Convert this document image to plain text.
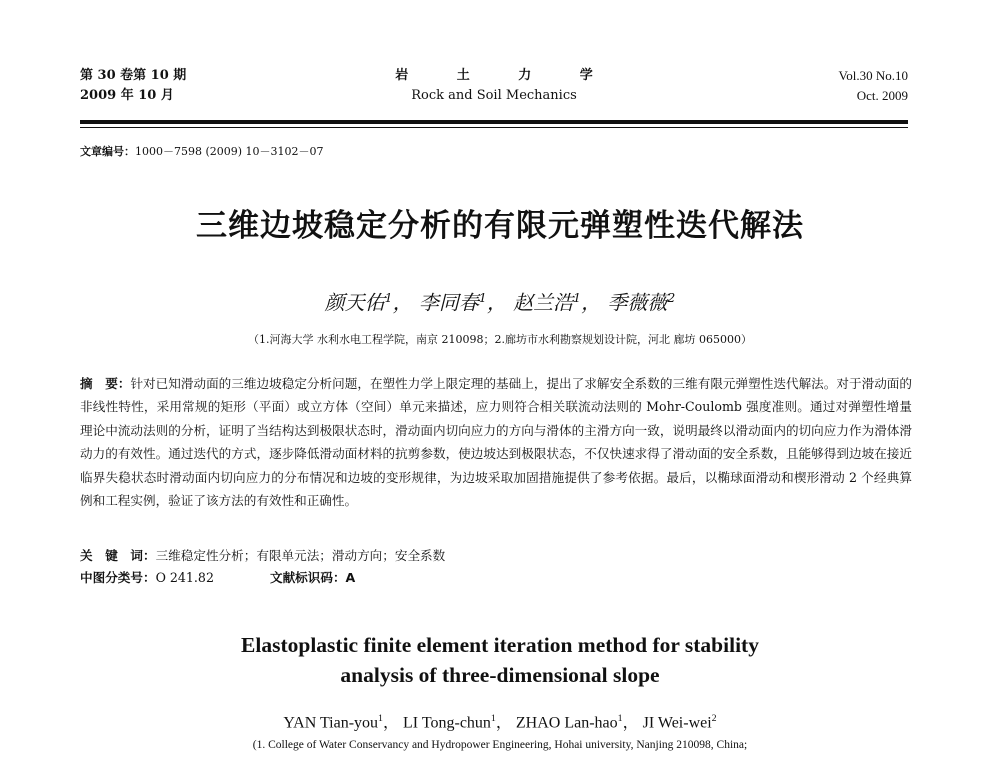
第 30 卷第 10 期
2009 年 10 月
岩 土 力 学
Rock and Soil Mechanics
Vol.30 No.10
Oct. 2009
文章编号：1000－7598 (2009) 10－3102－07
三维边坡稳定分析的有限元弹塑性迭代解法
颜天佑$^1$， 李同春$^1$， 赵兰浩$^1$， 季薇薇$^2$
（1.河海大学 水利水电工程学院，南京 210098；2.廊坊市水利勘察规划设计院，河北 廊坊 065000）
摘　要：针对已知滑动面的三维边坡稳定分析问题，在塑性力学上限定理的基础上，提出了求解安全系数的三维有限元弹塑性迭代解法。对于滑动面的非线性特性，采用常规的矩形（平面）或立方体（空间）单元来描述，应力则符合相关联流动法则的 Mohr-Coulomb 强度准则。通过对弹塑性增量理论中流动法则的分析，证明了当结构达到极限状态时，滑动面内切向应力的方向与滑体的主滑方向一致，说明最终以滑动面内的切向应力作为滑体滑动力的有效性。通过迭代的方式，逐步降低滑动面材料的抗剪参数，使边坡达到极限状态，不仅快速求得了滑动面的安全系数，且能够得到边坡在接近临界失稳状态时滑动面内切向应力的分布情况和边坡的变形规律，为边坡采取加固措施提供了参考依据。最后，以椭球面滑动和楔形滑动 2 个经典算例和工程实例，验证了该方法的有效性和正确性。
关　键　词：三维稳定性分析；有限单元法；滑动方向；安全系数
中图分类号：O 241.82	文献标识码：A
Elastoplastic finite element iteration method for stability
analysis of three-dimensional slope
YAN Tian-you$^1$， LI Tong-chun$^1$， ZHAO Lan-hao$^1$， JI Wei-wei$^2$
(1. College of Water Conservancy and Hydropower Engineering, Hohai university, Nanjing 210098, China;
